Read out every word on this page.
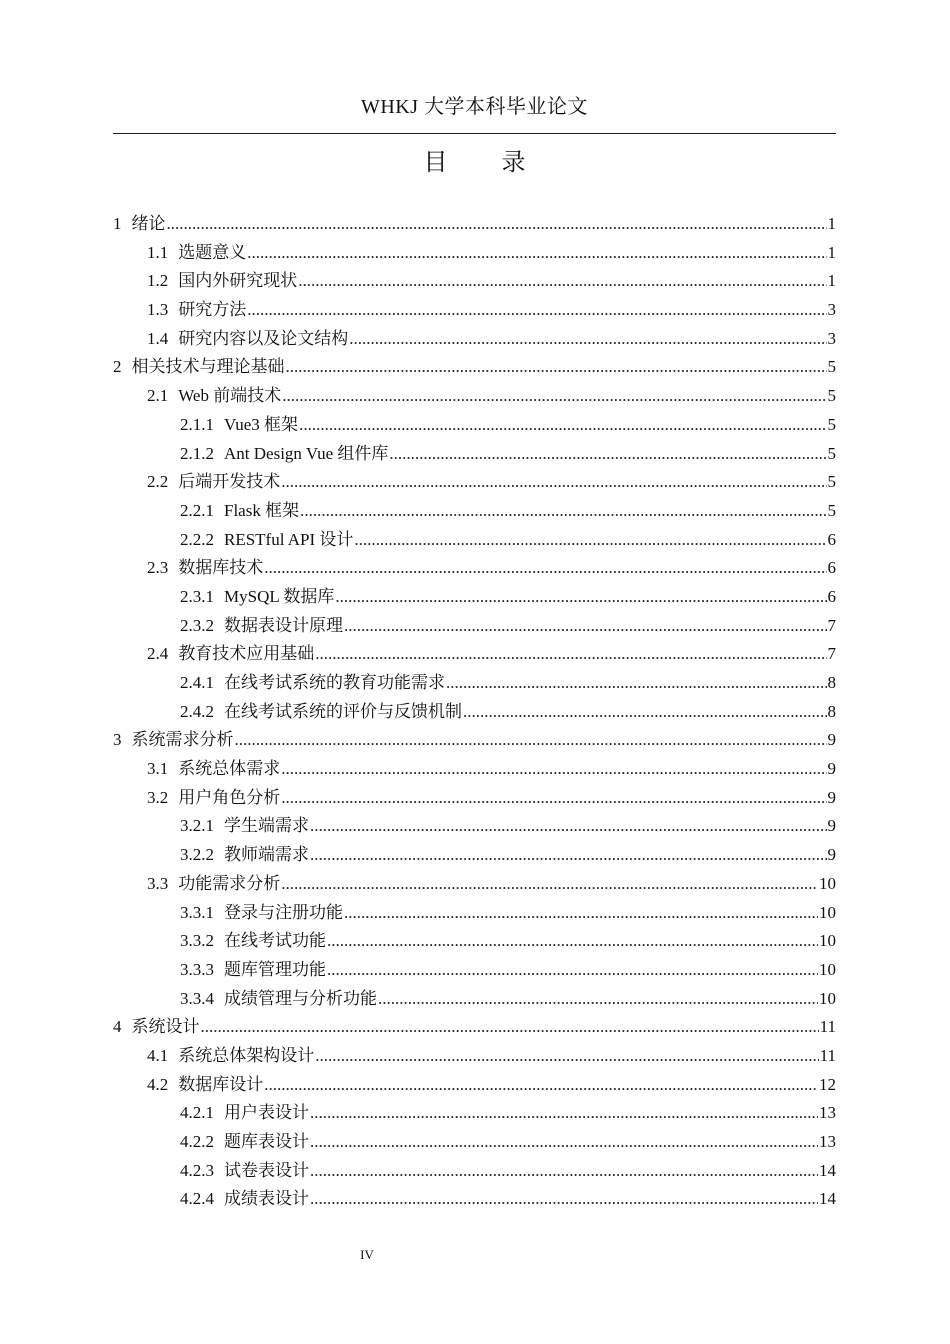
WHKJ 大学本科毕业论文
目 录
1 绪论 .....	1
1.1 选题意义 .....	1
1.2 国内外研究现状 .....	1
1.3 研究方法 .....	3
1.4 研究内容以及论文结构 .....	3
2 相关技术与理论基础 .....	5
2.1 Web 前端技术 .....	5
2.1.1 Vue3 框架 .....	5
2.1.2 Ant Design Vue 组件库 .....	5
2.2 后端开发技术 .....	5
2.2.1 Flask 框架 .....	5
2.2.2 RESTful API 设计 .....	6
2.3 数据库技术 .....	6
2.3.1 MySQL 数据库 .....	6
2.3.2 数据表设计原理 .....	7
2.4 教育技术应用基础 .....	7
2.4.1 在线考试系统的教育功能需求 .....	8
2.4.2 在线考试系统的评价与反馈机制 .....	8
3 系统需求分析 .....	9
3.1 系统总体需求 .....	9
3.2 用户角色分析 .....	9
3.2.1 学生端需求 .....	9
3.2.2 教师端需求 .....	9
3.3 功能需求分析 .....	10
3.3.1 登录与注册功能 .....	10
3.3.2 在线考试功能 .....	10
3.3.3 题库管理功能 .....	10
3.3.4 成绩管理与分析功能 .....	10
4 系统设计 .....	11
4.1 系统总体架构设计 .....	11
4.2 数据库设计 .....	12
4.2.1 用户表设计 .....	13
4.2.2 题库表设计 .....	13
4.2.3 试卷表设计 .....	14
4.2.4 成绩表设计 .....	14
IV
